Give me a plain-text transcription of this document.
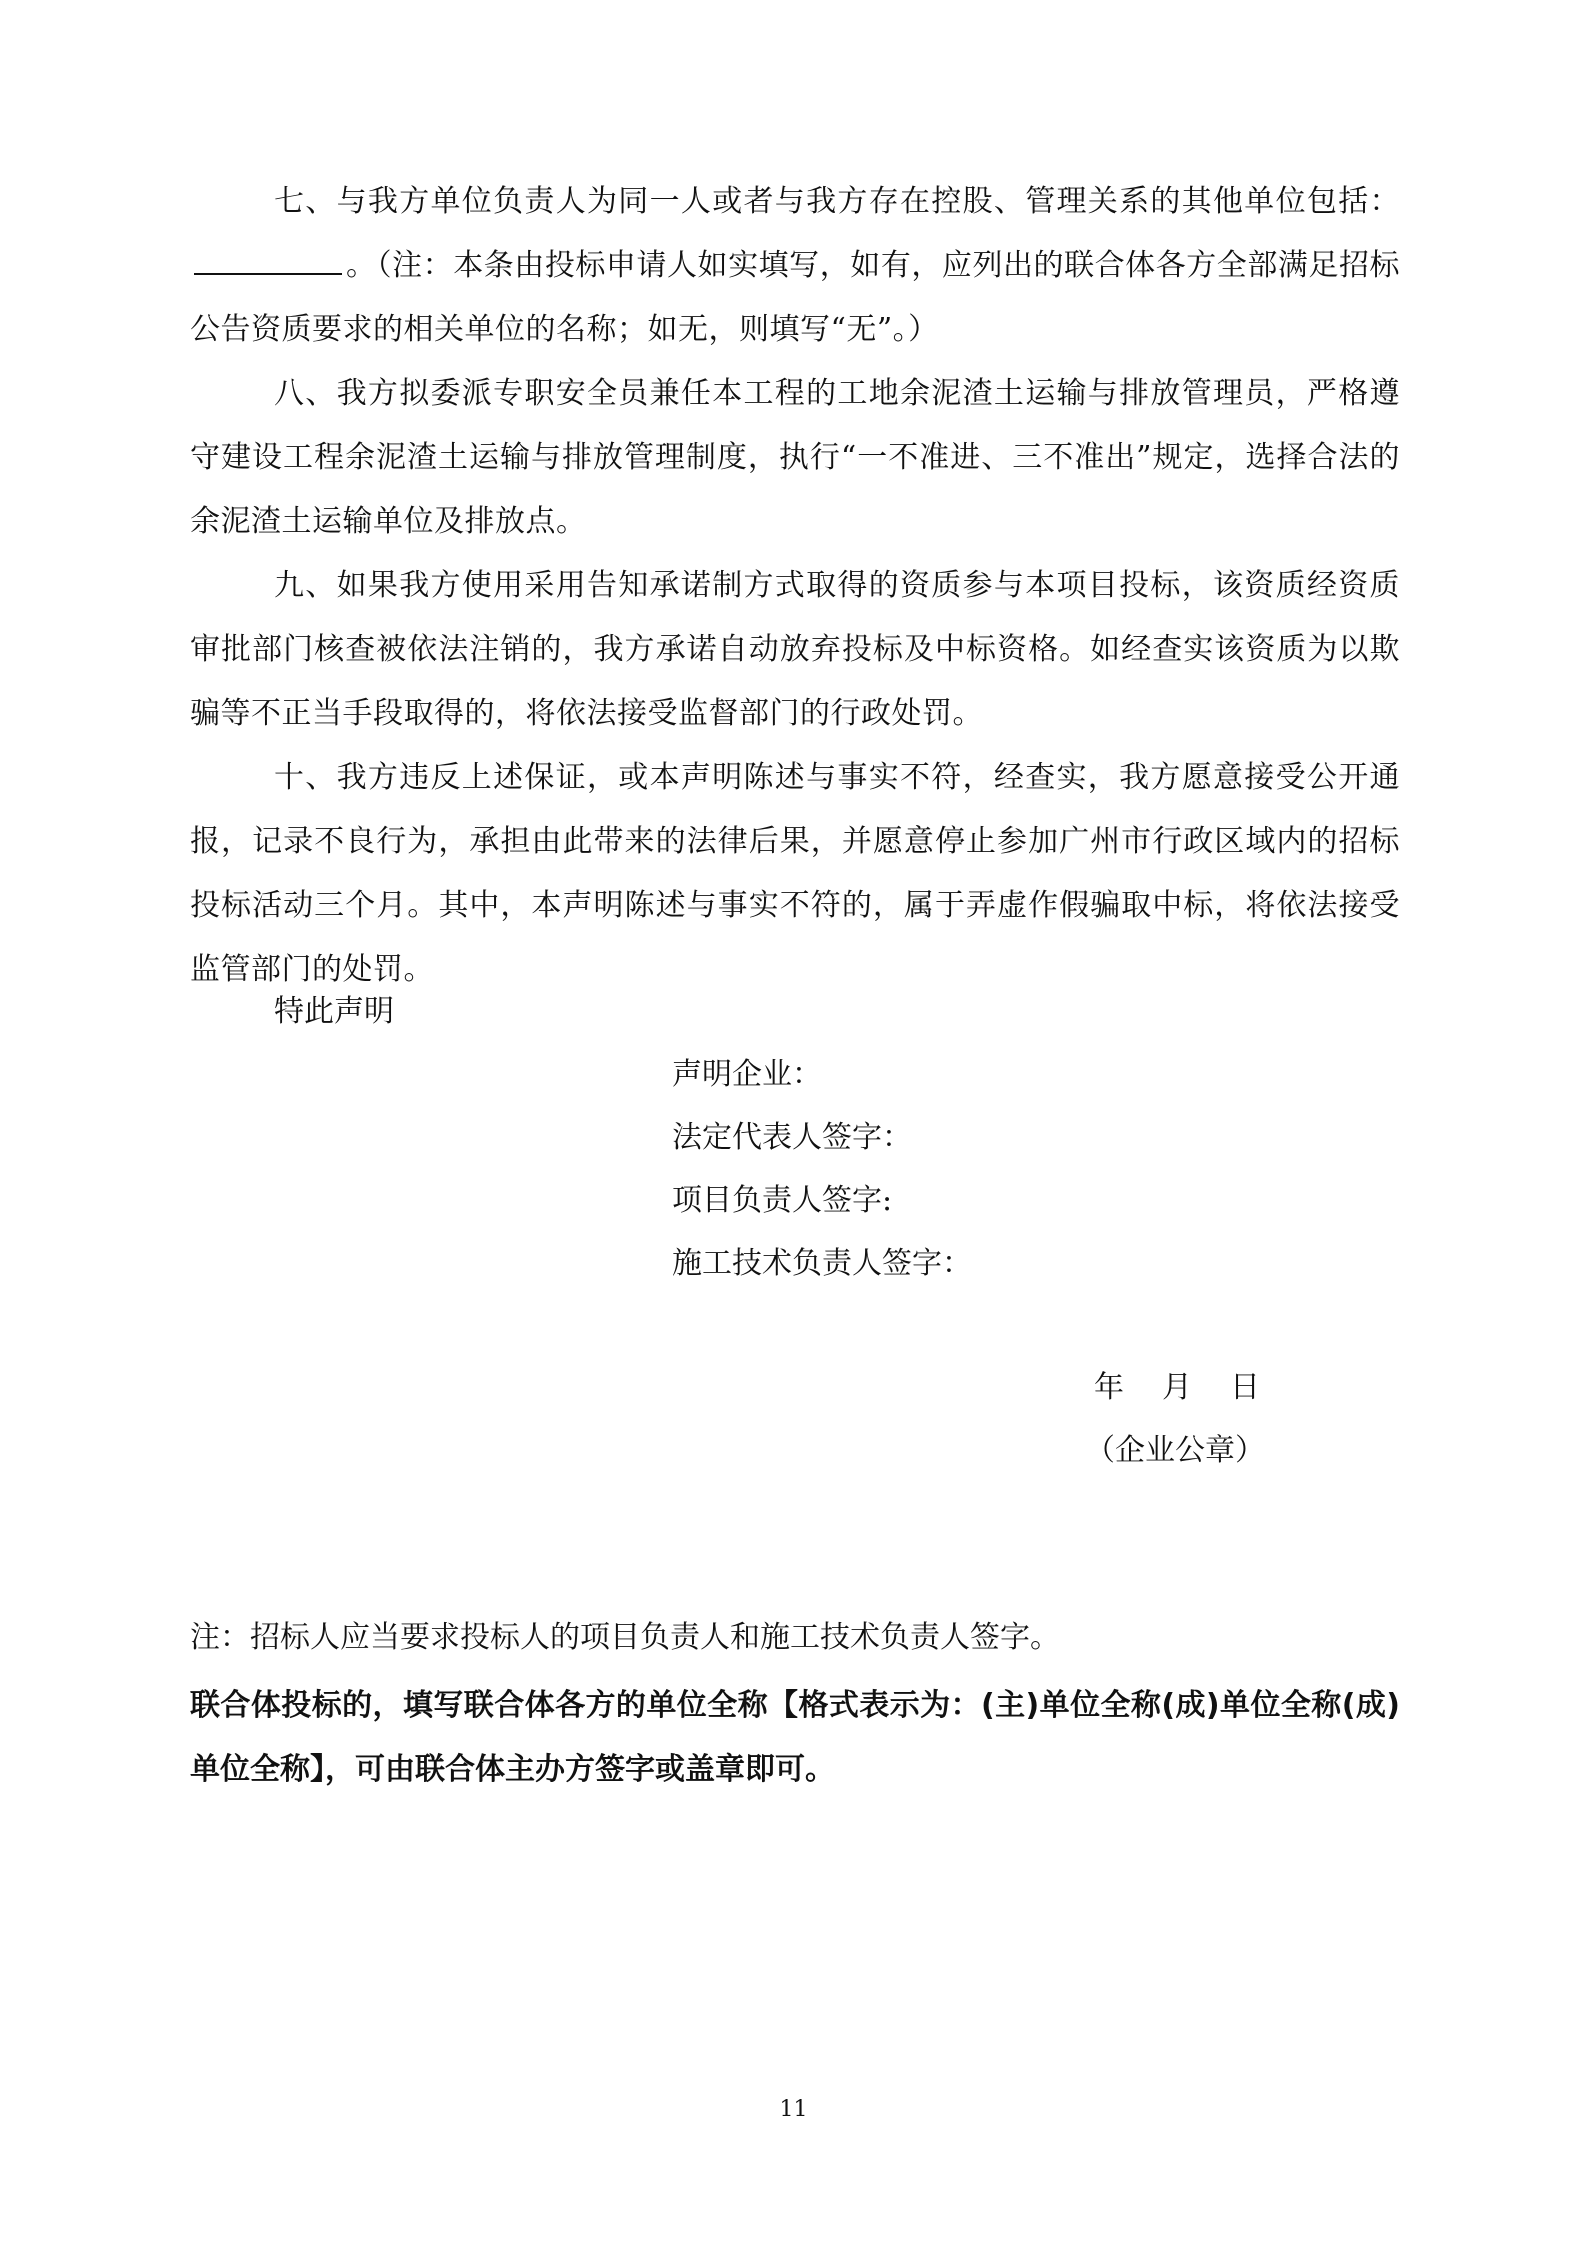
七、与我方单位负责人为同一人或者与我方存在控股、管理关系的其他单位包括：。（注：本条由投标申请人如实填写，如有，应列出的联合体各方全部满足招标公告资质要求的相关单位的名称；如无，则填写“无”。）
八、我方拟委派专职安全员兼任本工程的工地余泥渣土运输与排放管理员，严格遵守建设工程余泥渣土运输与排放管理制度，执行“一不准进、三不准出”规定，选择合法的余泥渣土运输单位及排放点。
九、如果我方使用采用告知承诺制方式取得的资质参与本项目投标，该资质经资质审批部门核查被依法注销的，我方承诺自动放弃投标及中标资格。如经查实该资质为以欺骗等不正当手段取得的，将依法接受监督部门的行政处罚。
十、我方违反上述保证，或本声明陈述与事实不符，经查实，我方愿意接受公开通报，记录不良行为，承担由此带来的法律后果，并愿意停止参加广州市行政区域内的招标投标活动三个月。其中，本声明陈述与事实不符的，属于弄虚作假骗取中标，将依法接受监管部门的处罚。
特此声明
声明企业：
法定代表人签字：
项目负责人签字:
施工技术负责人签字：
年 月 日
（企业公章）
注：招标人应当要求投标人的项目负责人和施工技术负责人签字。
联合体投标的，填写联合体各方的单位全称【格式表示为：(主)单位全称(成)单位全称(成)单位全称】，可由联合体主办方签字或盖章即可。
11
